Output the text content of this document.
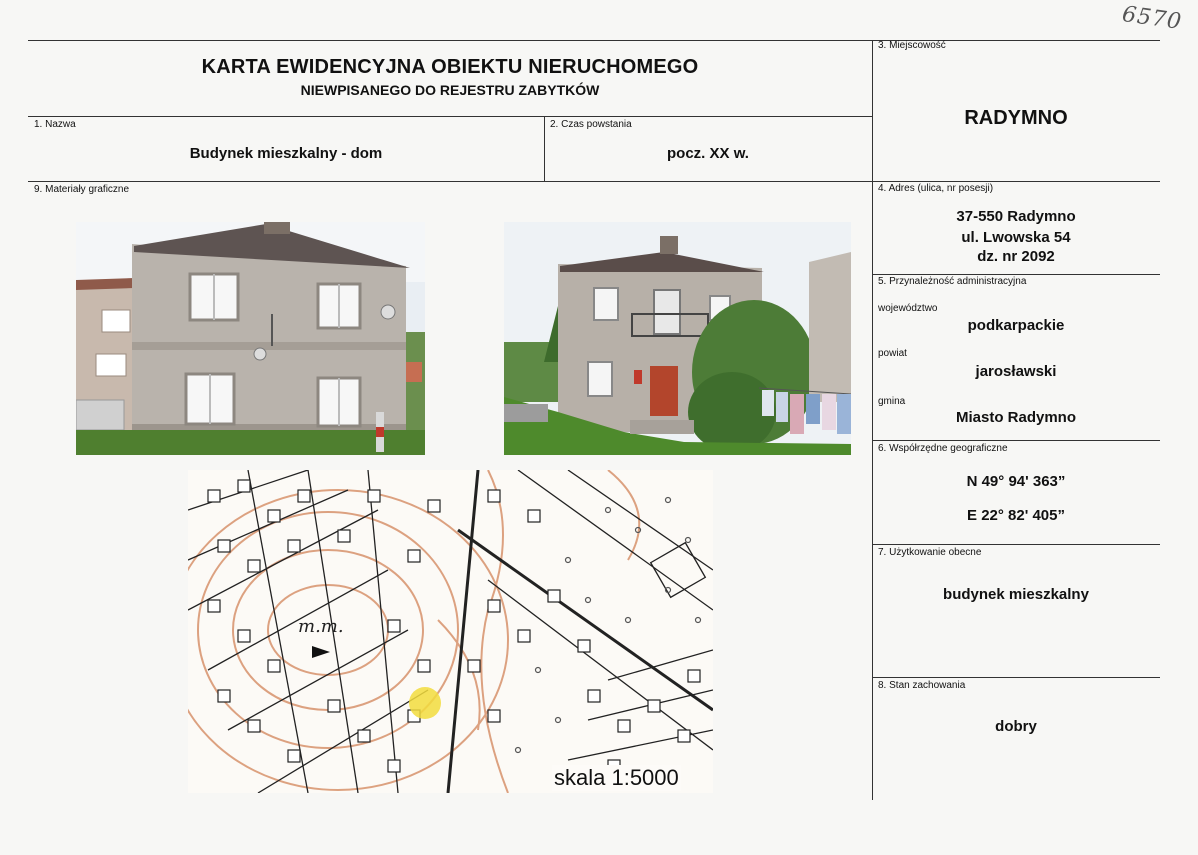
6570
KARTA EWIDENCYJNA OBIEKTU NIERUCHOMEGO
NIEWPISANEGO DO REJESTRU ZABYTKÓW
1. Nazwa
Budynek mieszkalny - dom
2. Czas powstania
pocz. XX w.
3. Miejscowość
RADYMNO
4. Adres (ulica, nr posesji)
37-550 Radymno
ul. Lwowska 54
dz. nr 2092
5. Przynależność administracyjna
województwo
podkarpackie
powiat
jarosławski
gmina
Miasto Radymno
6. Współrzędne geograficzne
N 49° 94' 363”
E 22° 82' 405”
7. Użytkowanie obecne
budynek mieszkalny
8. Stan zachowania
dobry
9. Materiały graficzne
m.m.
skala 1:5000
